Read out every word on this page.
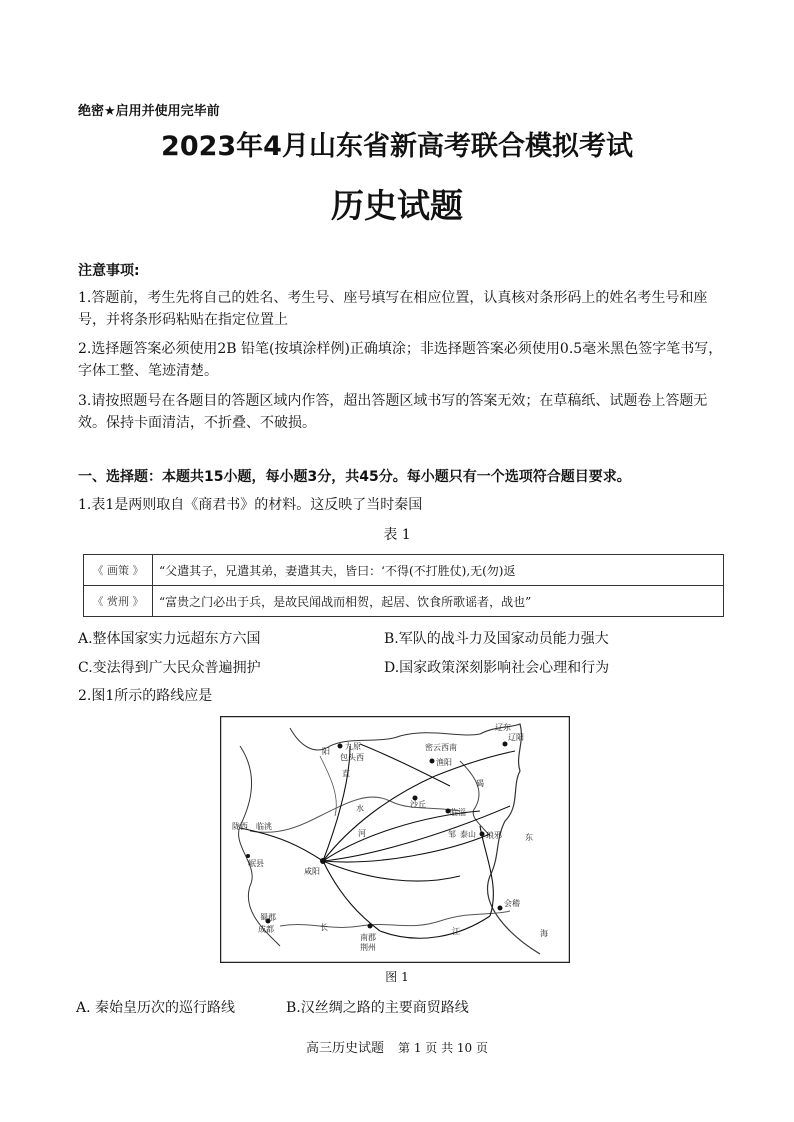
绝密★启用并使用完毕前
2023年4月山东省新高考联合模拟考试
历史试题
注意事项:
1.答题前，考生先将自己的姓名、考生号、座号填写在相应位置，认真核对条形码上的姓名考生号和座号，并将条形码粘贴在指定位置上
2.选择题答案必须使用2B 铅笔(按填涂样例)正确填涂；非选择题答案必须使用0.5毫米黑色签字笔书写，字体工整、笔迹清楚。
3.请按照题号在各题目的答题区域内作答，超出答题区域书写的答案无效；在草稿纸、试题卷上答题无效。保持卡面清洁，不折叠、不破损。
一、选择题：本题共15小题，每小题3分，共45分。每小题只有一个选项符合题目要求。
1.表1是两则取自《商君书》的材料。这反映了当时秦国
表 1
《 画策 》	“父遣其子，兄遣其弟，妻遣其夫，皆曰：‘不得(不打胜仗),无(勿)返
《 赏刑 》	“富贵之门必出于兵，是故民闻战而相贺，起居、饮食所歌谣者，战也”
A.整体国家实力远超东方六国	B.军队的战斗力及国家动员能力强大
C.变法得到广大民众普遍拥护	D.国家政策深刻影响社会心理和行为
2.图1所示的路线应是
辽东
辽阳
九原
包头西
密云西南
渔阳
碣
沙丘
临淄
邹 泰山 琅邪	东
海
陇西 临洮
咸阳
岷县
蜀郡
成都
南郡
荆州
会稽
江
河
水
长
直
阳
图 1
A. 秦始皇历次的巡行路线	B.汉丝绸之路的主要商贸路线
高三历史试题 第 1 页 共 10 页
